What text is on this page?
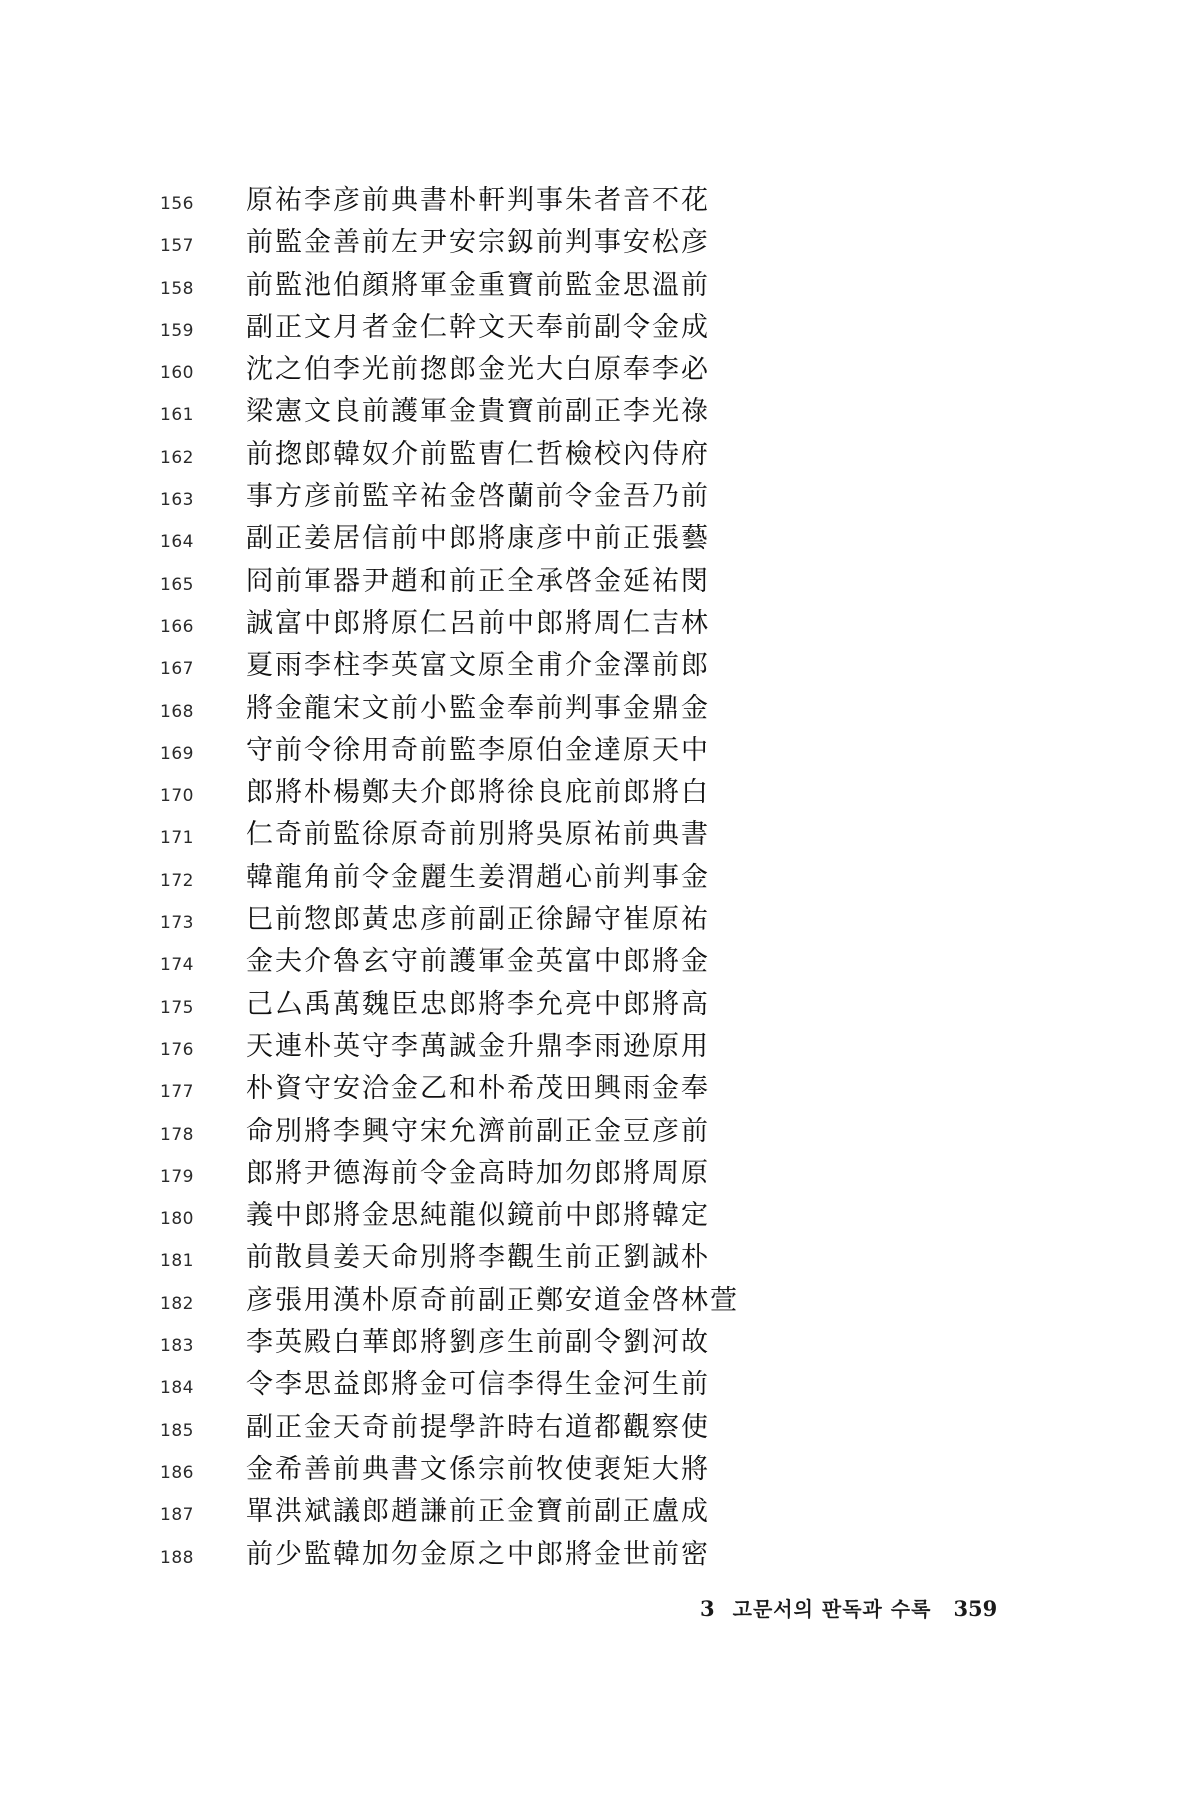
156	原祐李彦前典書朴軒判事朱者音不花
157	前監金善前左尹安宗釼前判事安松彦
158	前監池伯顔將軍金重寶前監金思溫前
159	副正文月者金仁幹文天奉前副令金成
160	沈之伯李光前揔郎金光大白原奉李必
161	梁憲文良前護軍金貴寶前副正李光祿
162	前揔郎韓奴介前監曺仁哲檢校內侍府
163	事方彦前監辛祐金啓蘭前令金吾乃前
164	副正姜居信前中郎將康彦中前正張藝
165	冏前軍器尹趙和前正全承啓金延祐閔
166	誠富中郎將原仁呂前中郎將周仁吉林
167	夏雨李柱李英富文原全甫介金澤前郎
168	將金龍宋文前小監金奉前判事金鼎金
169	守前令徐用奇前監李原伯金達原天中
170	郎將朴楊鄭夫介郎將徐良庇前郎將白
171	仁奇前監徐原奇前別將吳原祐前典書
172	韓龍角前令金麗生姜渭趙心前判事金
173	巳前惣郎黃忠彦前副正徐歸守崔原祐
174	金夫介魯玄守前護軍金英富中郎將金
175	己厶禹萬魏臣忠郎將李允亮中郎將高
176	天連朴英守李萬誠金升鼎李雨逊原用
177	朴資守安洽金乙和朴希茂田興雨金奉
178	命別將李興守宋允濟前副正金豆彦前
179	郎將尹德海前令金高時加勿郎將周原
180	義中郎將金思純龍似鏡前中郎將韓定
181	前散員姜天命別將李觀生前正劉誠朴
182	彦張用漢朴原奇前副正鄭安道金啓林萱
183	李英殿白華郎將劉彦生前副令劉河故
184	令李思益郎將金可信李得生金河生前
185	副正金天奇前提學許時右道都觀察使
186	金希善前典書文係宗前牧使裵矩大將
187	單洪斌議郎趙謙前正金寶前副正盧成
188	前少監韓加勿金原之中郎將金世前密
3 고문서의 판독과 수록 359
